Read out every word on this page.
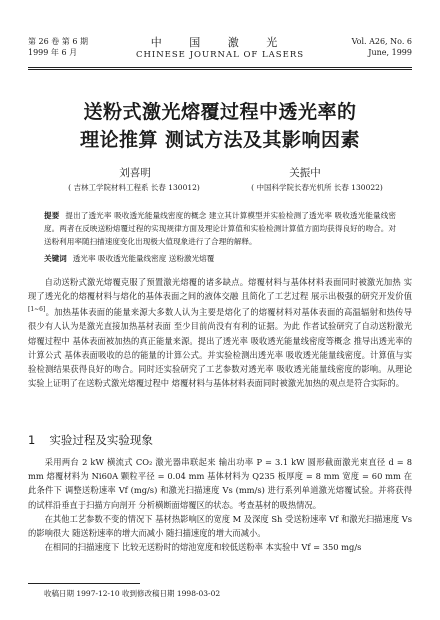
第 26 卷 第 6 期
1999 年 6 月
中 国 激 光
CHINESE JOURNAL OF LASERS
Vol. A26, No. 6
June, 1999
送粉式激光熔覆过程中透光率的
理论推算 测试方法及其影响因素
刘喜明	关振中
( 吉林工学院材料工程系 长春 130012)	( 中国科学院长春光机所 长春 130022)
提要 提出了透光率 吸收透光能量线密度的概念 建立其计算模型并实验检测了透光率 吸收透光能量线密度。两者在反映送粉熔覆过程的实现规律方面及理论计算值和实验检测计算值方面均获得良好的吻合。对送粉利用率随扫描速度变化出现极大值现象进行了合理的解释。
关键词 透光率 吸收透光能量线密度 送粉激光熔覆

自动送粉式激光熔覆克服了预置激光熔覆的诸多缺点。熔覆材料与基体材料表面同时被激光加热 实现了透光化的熔覆材料与熔化的基体表面之间的液体交融 且简化了工艺过程 展示出极强的研究开发价值[1~6]。加热基体表面的能量来源大多数人认为主要是熔化了的熔覆材料对基体表面的高温辐射和热传导 很少有人认为是激光直接加热基材表面 至少目前尚没有有利的证据。为此 作者试验研究了自动送粉激光熔覆过程中 基体表面被加热的真正能量来源。提出了透光率 吸收透光能量线密度等概念 推导出透光率的计算公式 基体表面吸收的总的能量的计算公式。并实验检测出透光率 吸收透光能量线密度。计算值与实验检测结果获得良好的吻合。同时还实验研究了工艺参数对透光率 吸收透光能量线密度的影响。从理论 实验上证明了在送粉式激光熔覆过程中 熔覆材料与基体材料表面同时被激光加热的观点是符合实际的。

1 实验过程及实验现象

采用两台 2 kW 横流式 CO₂ 激光器串联起来 输出功率 P = 3.1 kW 圆形截面激光束直径 d = 8 mm 熔覆材料为 Ni60A 颗粒平径 = 0.04 mm 基体材料为 Q235 板厚度 = 8 mm 宽度 = 60 mm 在此条件下 调整送粉速率 Vf (mg/s) 和激光扫描速度 Vs (mm/s) 进行系列单道激光熔覆试验。并将获得的试样沿垂直于扫描方向剖开 分析横断面熔覆区的状态。考查基材的吸热情况。

在其他工艺参数不变的情况下 基材热影响区的宽度 M 及深度 Sh 受送粉速率 Vf 和激光扫描速度 Vs 的影响很大 随送粉速率的增大而减小 随扫描速度的增大而减小。

在相同的扫描速度下 比较无送粉时的熔池宽度和较低送粉率 本实验中 Vf = 350 mg/s

收稿日期 1997-12-10 收到修改稿日期 1998-03-02
